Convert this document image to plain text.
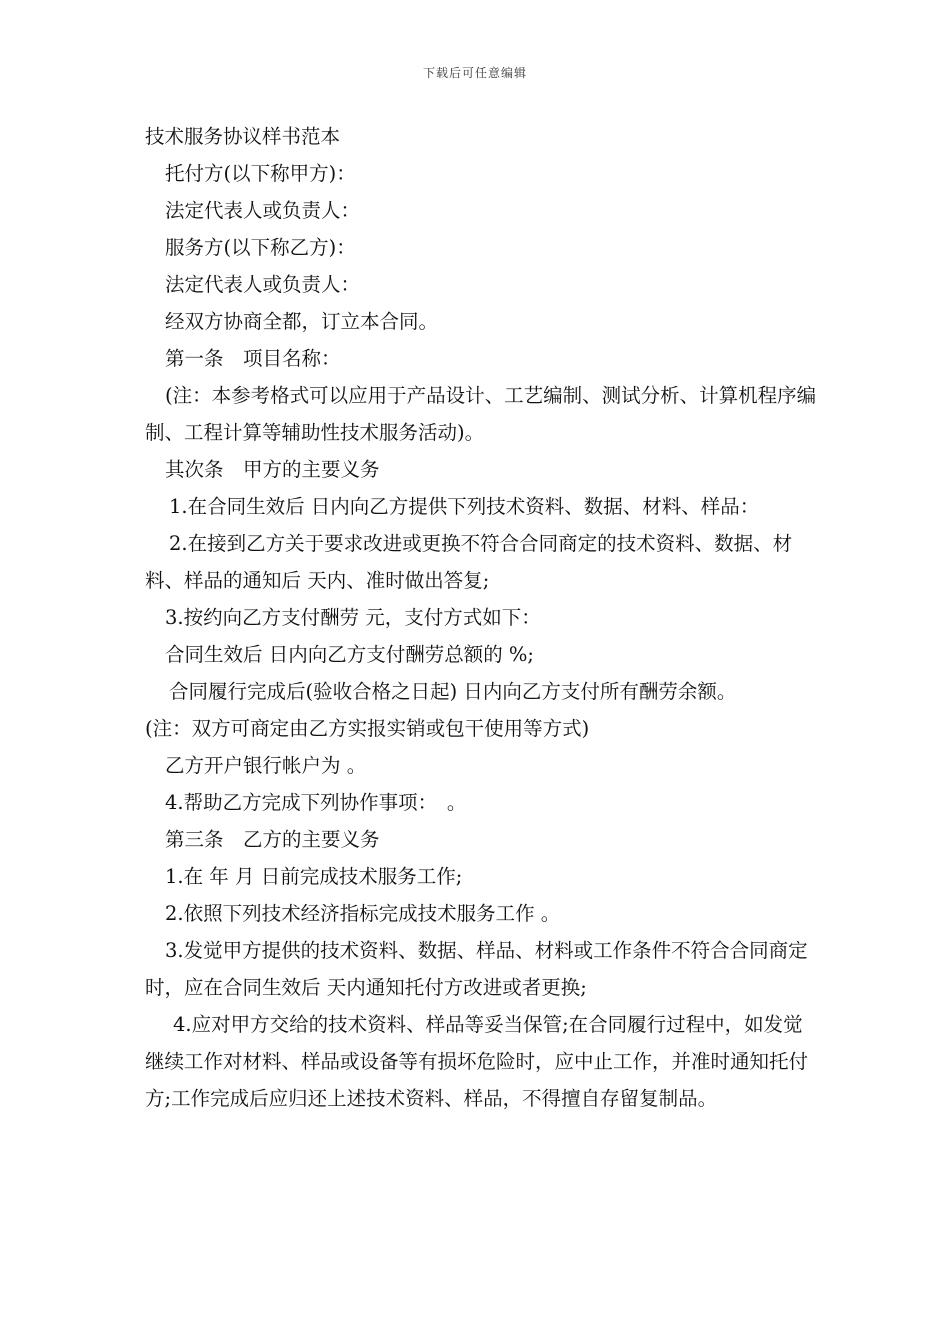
下载后可任意编辑

技术服务协议样书范本

托付方(以下称甲方)：

法定代表人或负责人：

服务方(以下称乙方)：

法定代表人或负责人：

经双方协商全都，订立本合同。

第一条　项目名称：

(注：本参考格式可以应用于产品设计、工艺编制、测试分析、计算机程序编制、工程计算等辅助性技术服务活动)。

其次条　甲方的主要义务

1.在合同生效后 日内向乙方提供下列技术资料、数据、材料、样品：

2.在接到乙方关于要求改进或更换不符合合同商定的技术资料、数据、材料、样品的通知后 天内、准时做出答复;

3.按约向乙方支付酬劳 元，支付方式如下：

合同生效后 日内向乙方支付酬劳总额的 %;

合同履行完成后(验收合格之日起) 日内向乙方支付所有酬劳余额。

(注：双方可商定由乙方实报实销或包干使用等方式)

乙方开户银行帐户为 。

4.帮助乙方完成下列协作事项：　。

第三条　乙方的主要义务

1.在 年 月 日前完成技术服务工作;

2.依照下列技术经济指标完成技术服务工作 。

3.发觉甲方提供的技术资料、数据、样品、材料或工作条件不符合合同商定时，应在合同生效后 天内通知托付方改进或者更换;

4.应对甲方交给的技术资料、样品等妥当保管;在合同履行过程中，如发觉继续工作对材料、样品或设备等有损坏危险时，应中止工作，并准时通知托付方;工作完成后应归还上述技术资料、样品，不得擅自存留复制品。
